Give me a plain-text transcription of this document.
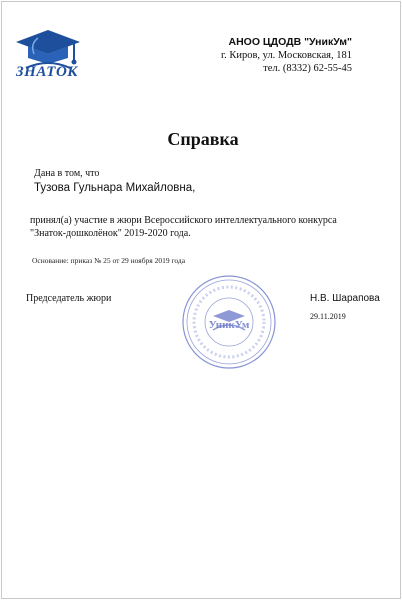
ЗНАТОК
АНОО ЦДОДВ "УникУм"
г. Киров, ул. Московская, 181
тел. (8332) 62-55-45
Справка
Дана в том, что
Тузова Гульнара Михайловна,
принял(а) участие в жюри Всероссийского интеллектуального конкурса
"Знаток-дошколёнок" 2019-2020 года.
Основание: приказ № 25 от 29 ноября 2019 года
Председатель жюри
УникУм
Н.В. Шарапова
29.11.2019
